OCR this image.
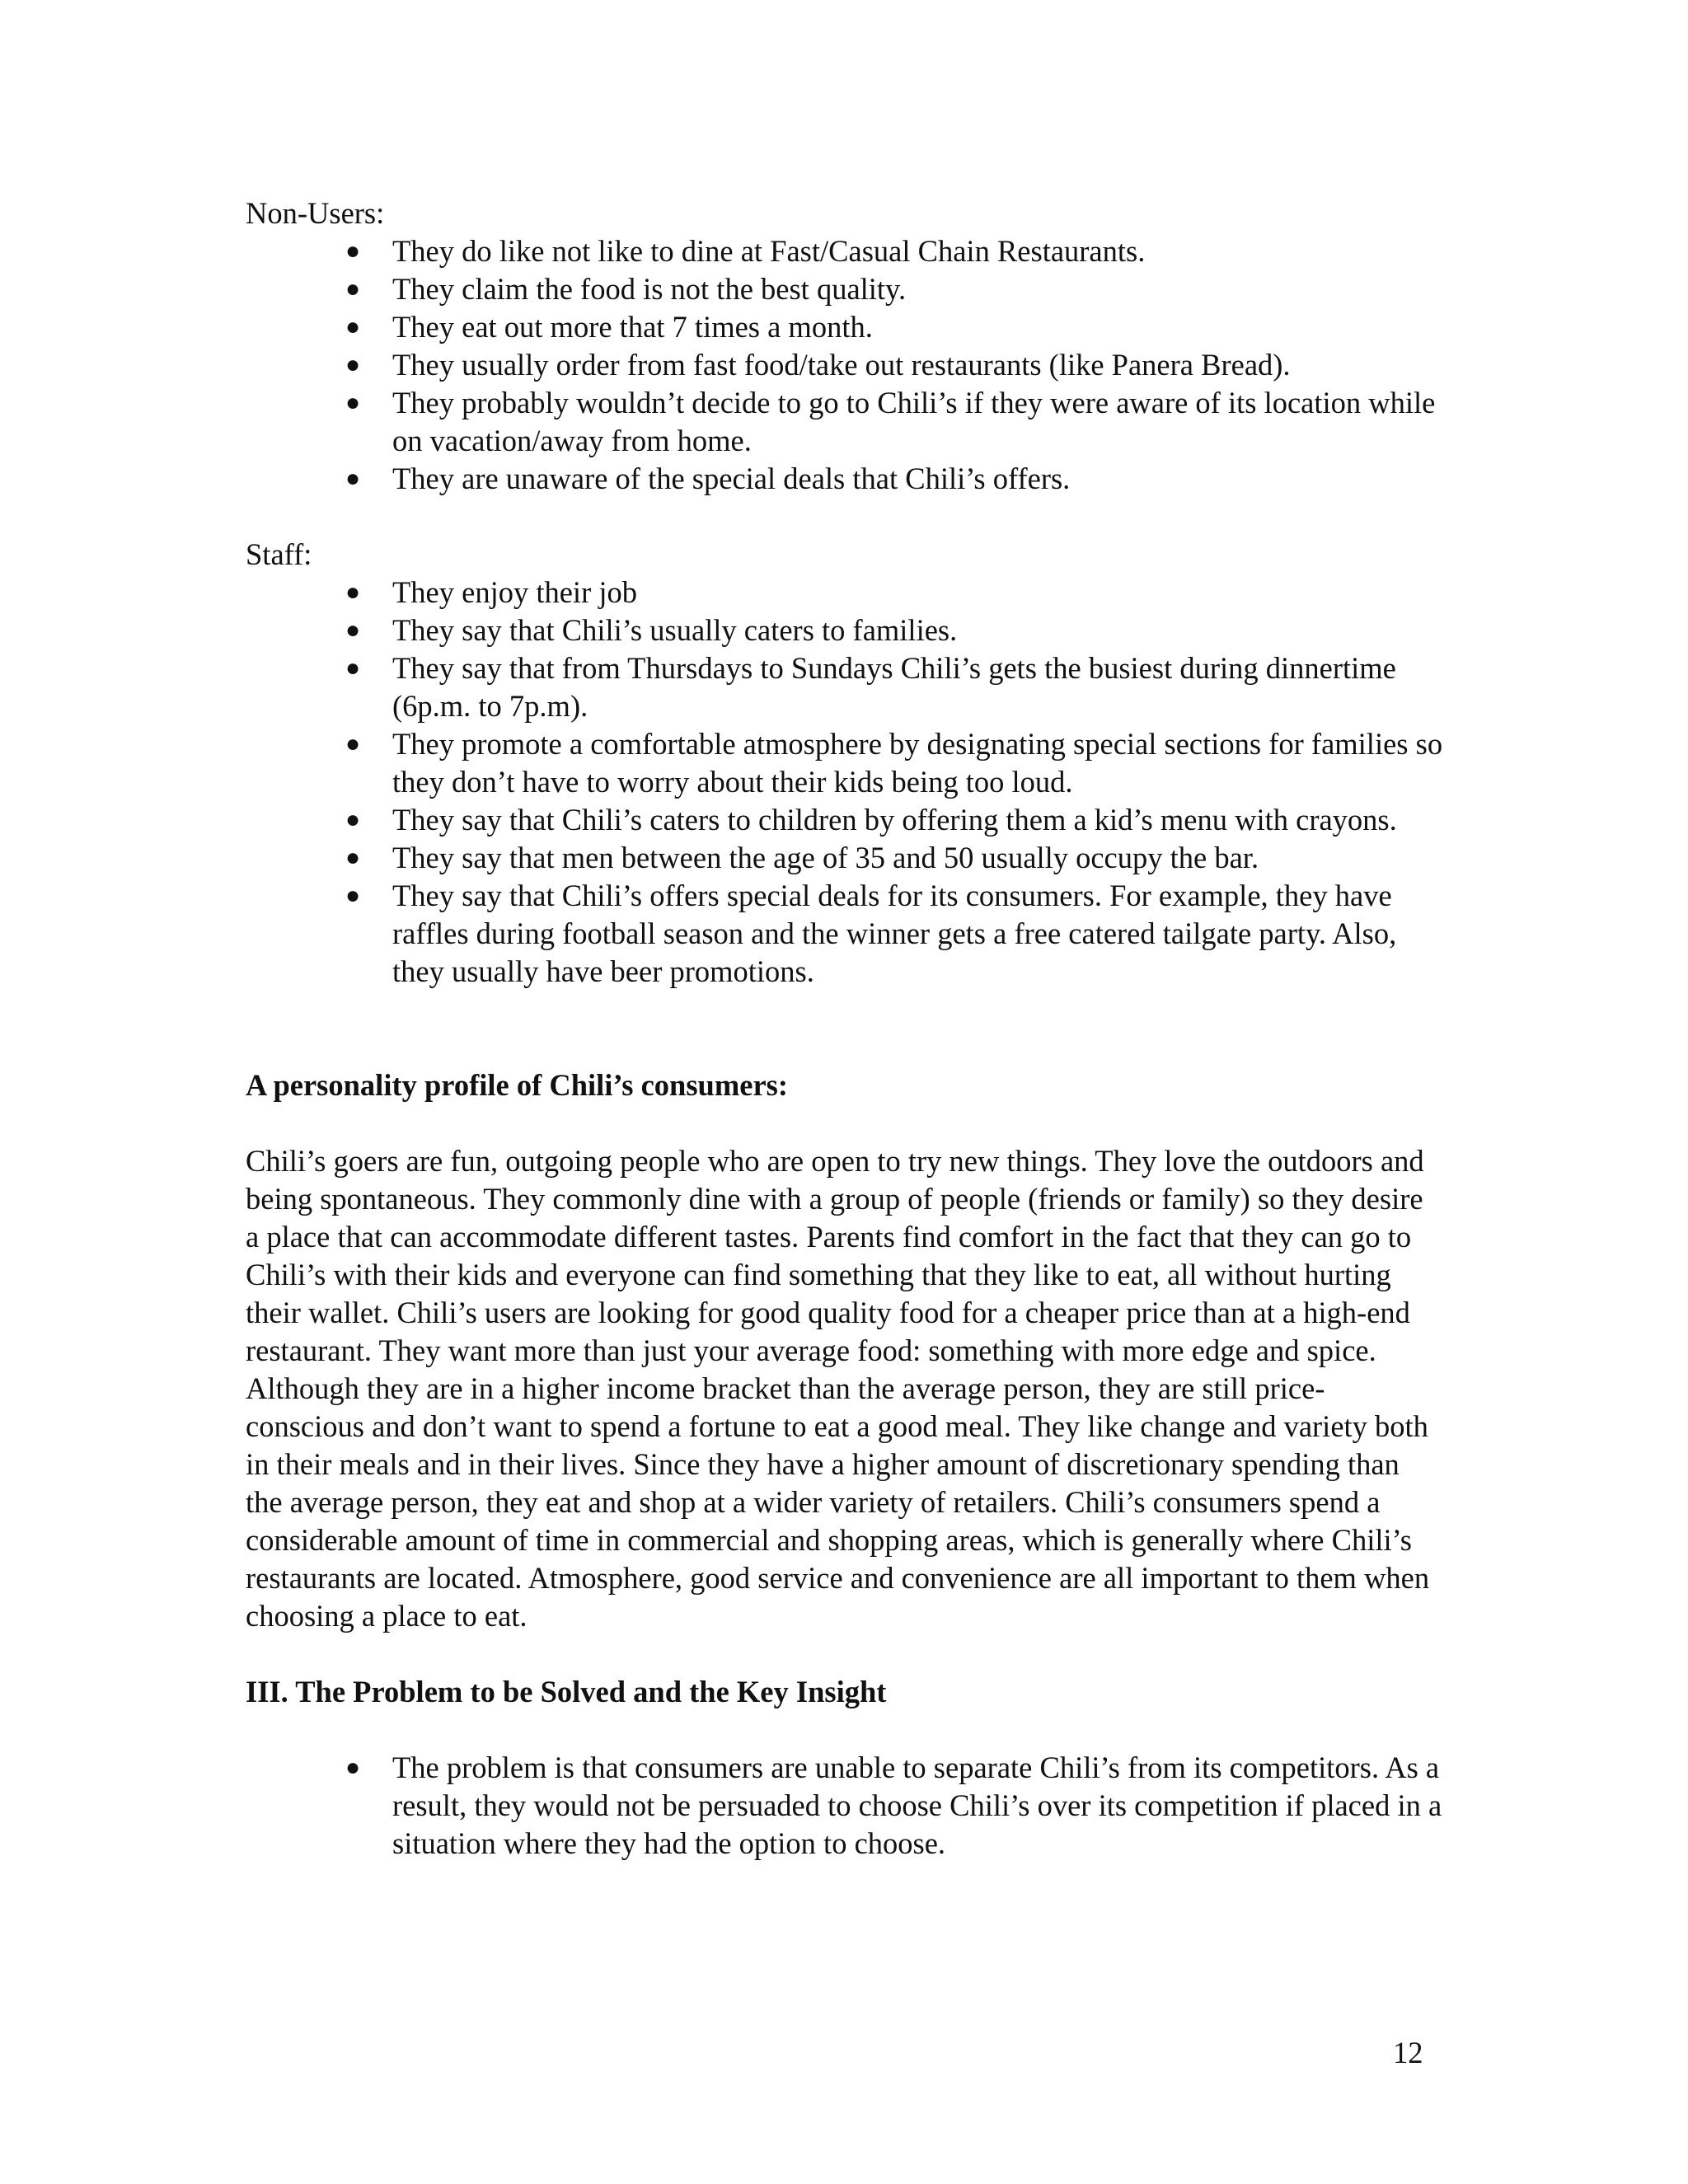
Non-Users:

● They do like not like to dine at Fast/Casual Chain Restaurants.
● They claim the food is not the best quality.
● They eat out more that 7 times a month.
● They usually order from fast food/take out restaurants (like Panera Bread).
● They probably wouldn’t decide to go to Chili’s if they were aware of its location while on vacation/away from home.
● They are unaware of the special deals that Chili’s offers.

Staff:

● They enjoy their job
● They say that Chili’s usually caters to families.
● They say that from Thursdays to Sundays Chili’s gets the busiest during dinnertime (6p.m. to 7p.m).
● They promote a comfortable atmosphere by designating special sections for families so they don’t have to worry about their kids being too loud.
● They say that Chili’s caters to children by offering them a kid’s menu with crayons.
● They say that men between the age of 35 and 50 usually occupy the bar.
● They say that Chili’s offers special deals for its consumers. For example, they have raffles during football season and the winner gets a free catered tailgate party. Also, they usually have beer promotions.

A personality profile of Chili’s consumers:

Chili’s goers are fun, outgoing people who are open to try new things. They love the outdoors and being spontaneous. They commonly dine with a group of people (friends or family) so they desire a place that can accommodate different tastes. Parents find comfort in the fact that they can go to Chili’s with their kids and everyone can find something that they like to eat, all without hurting their wallet. Chili’s users are looking for good quality food for a cheaper price than at a high-end restaurant. They want more than just your average food: something with more edge and spice. Although they are in a higher income bracket than the average person, they are still price-conscious and don’t want to spend a fortune to eat a good meal. They like change and variety both in their meals and in their lives. Since they have a higher amount of discretionary spending than the average person, they eat and shop at a wider variety of retailers. Chili’s consumers spend a considerable amount of time in commercial and shopping areas, which is generally where Chili’s restaurants are located. Atmosphere, good service and convenience are all important to them when choosing a place to eat.

III. The Problem to be Solved and the Key Insight

● The problem is that consumers are unable to separate Chili’s from its competitors. As a result, they would not be persuaded to choose Chili’s over its competition if placed in a situation where they had the option to choose.
12
